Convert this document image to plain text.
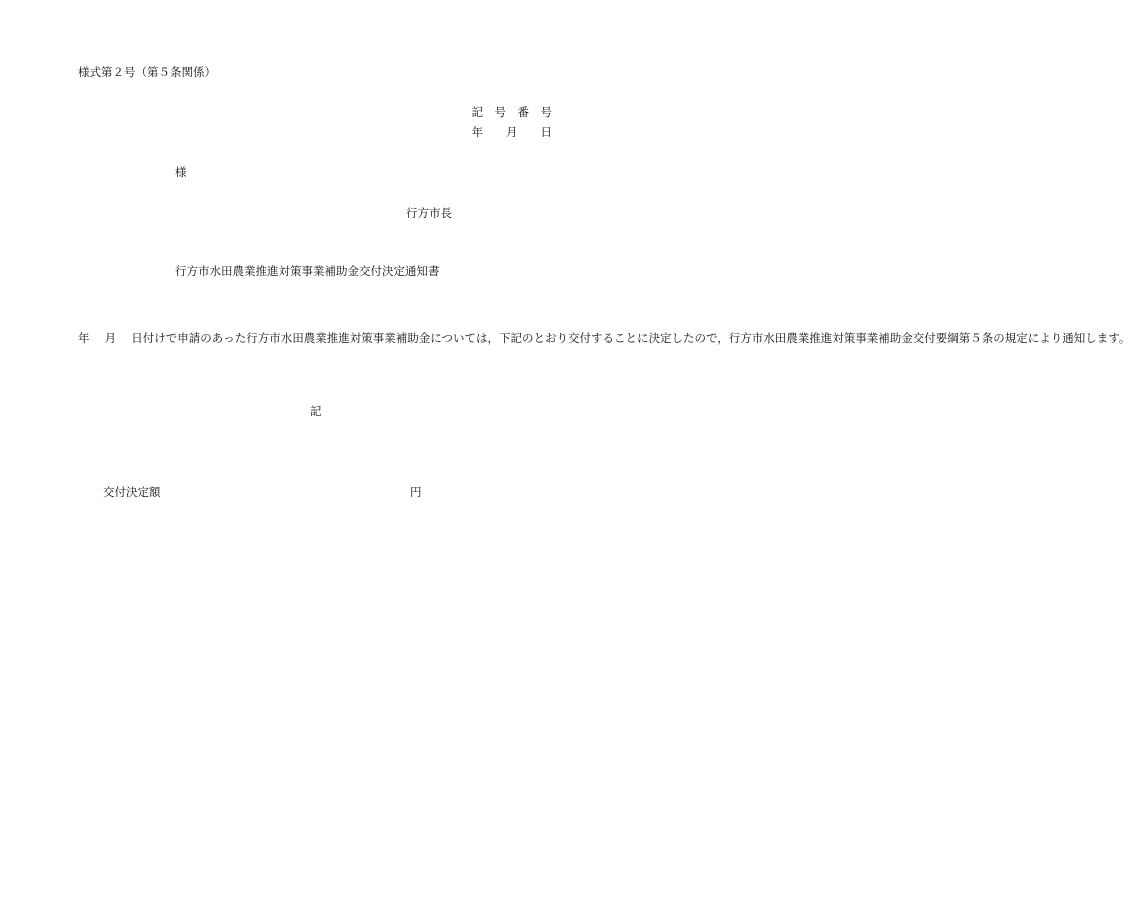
様式第２号（第５条関係）
記　号　番　号
年　　月　　日
様
行方市長
行方市水田農業推進対策事業補助金交付決定通知書
年　 月 　日付けで申請のあった行方市水田農業推進対策事業補助金については，下記のとおり交付することに決定したので，行方市水田農業推進対策事業補助金交付要綱第５条の規定により通知します。
記
交付決定額	円
